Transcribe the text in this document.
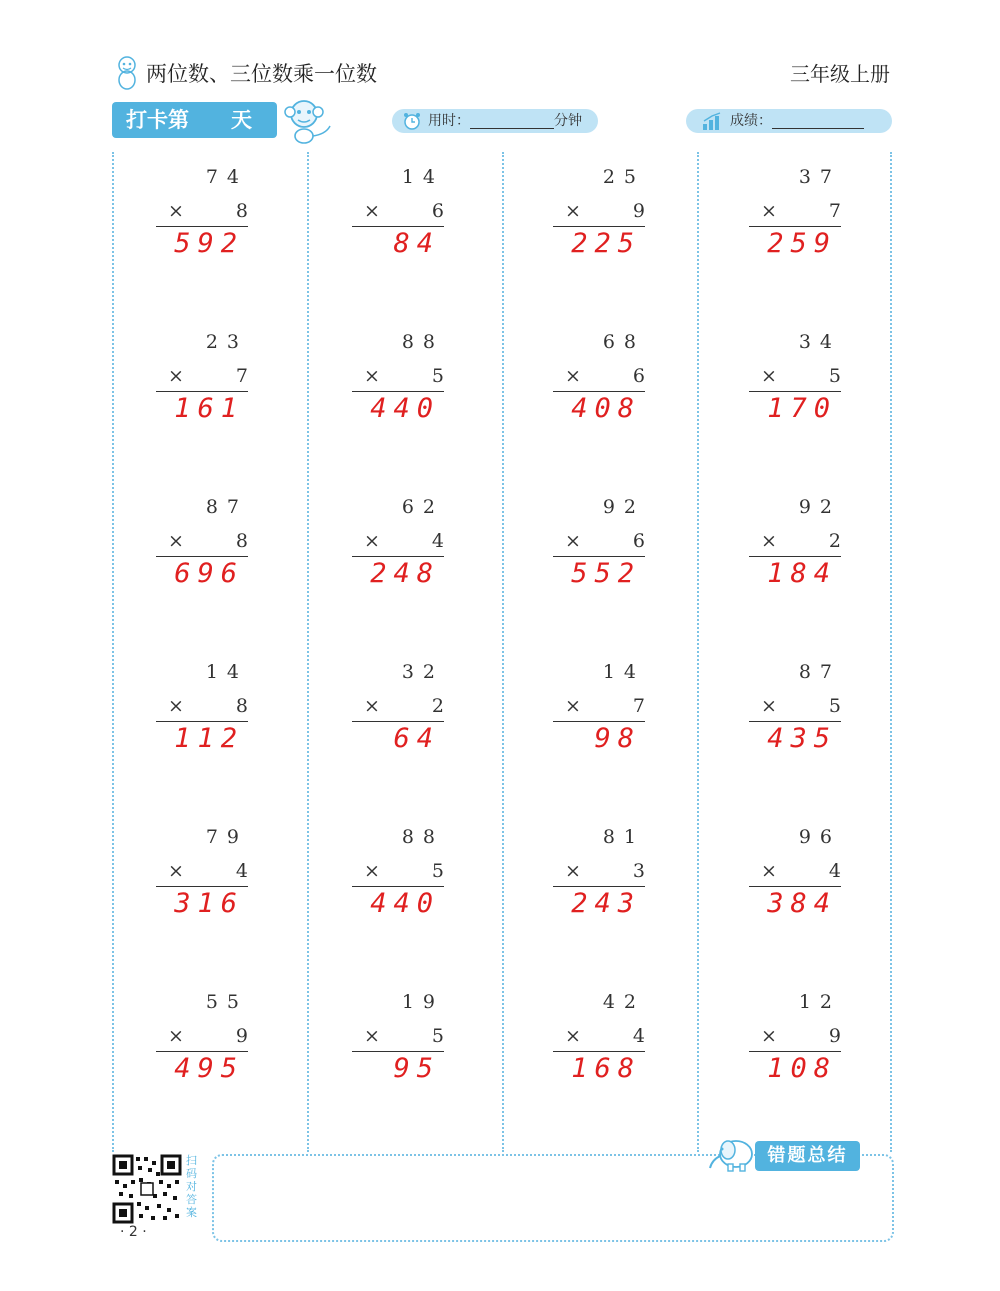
两位数、三位数乘一位数	三年级上册
打卡第 天	用时：	分钟	成绩：
74
×	8
592
23
×	7
161
87
×	8
696
14
×	8
112
79
×	4
316
55
×	9
495
14
×	6
84
88
×	5
440
62
×	4
248
32
×	2
64
88
×	5
440
19
×	5
95
25
×	9
225
68
×	6
408
92
×	6
552
14
×	7
98
81
×	3
243
42
×	4
168
37
×	7
259
34
×	5
170
92
×	2
184
87
×	5
435
96
×	4
384
12
×	9
108
扫码对答案
· 2 ·
错题总结
